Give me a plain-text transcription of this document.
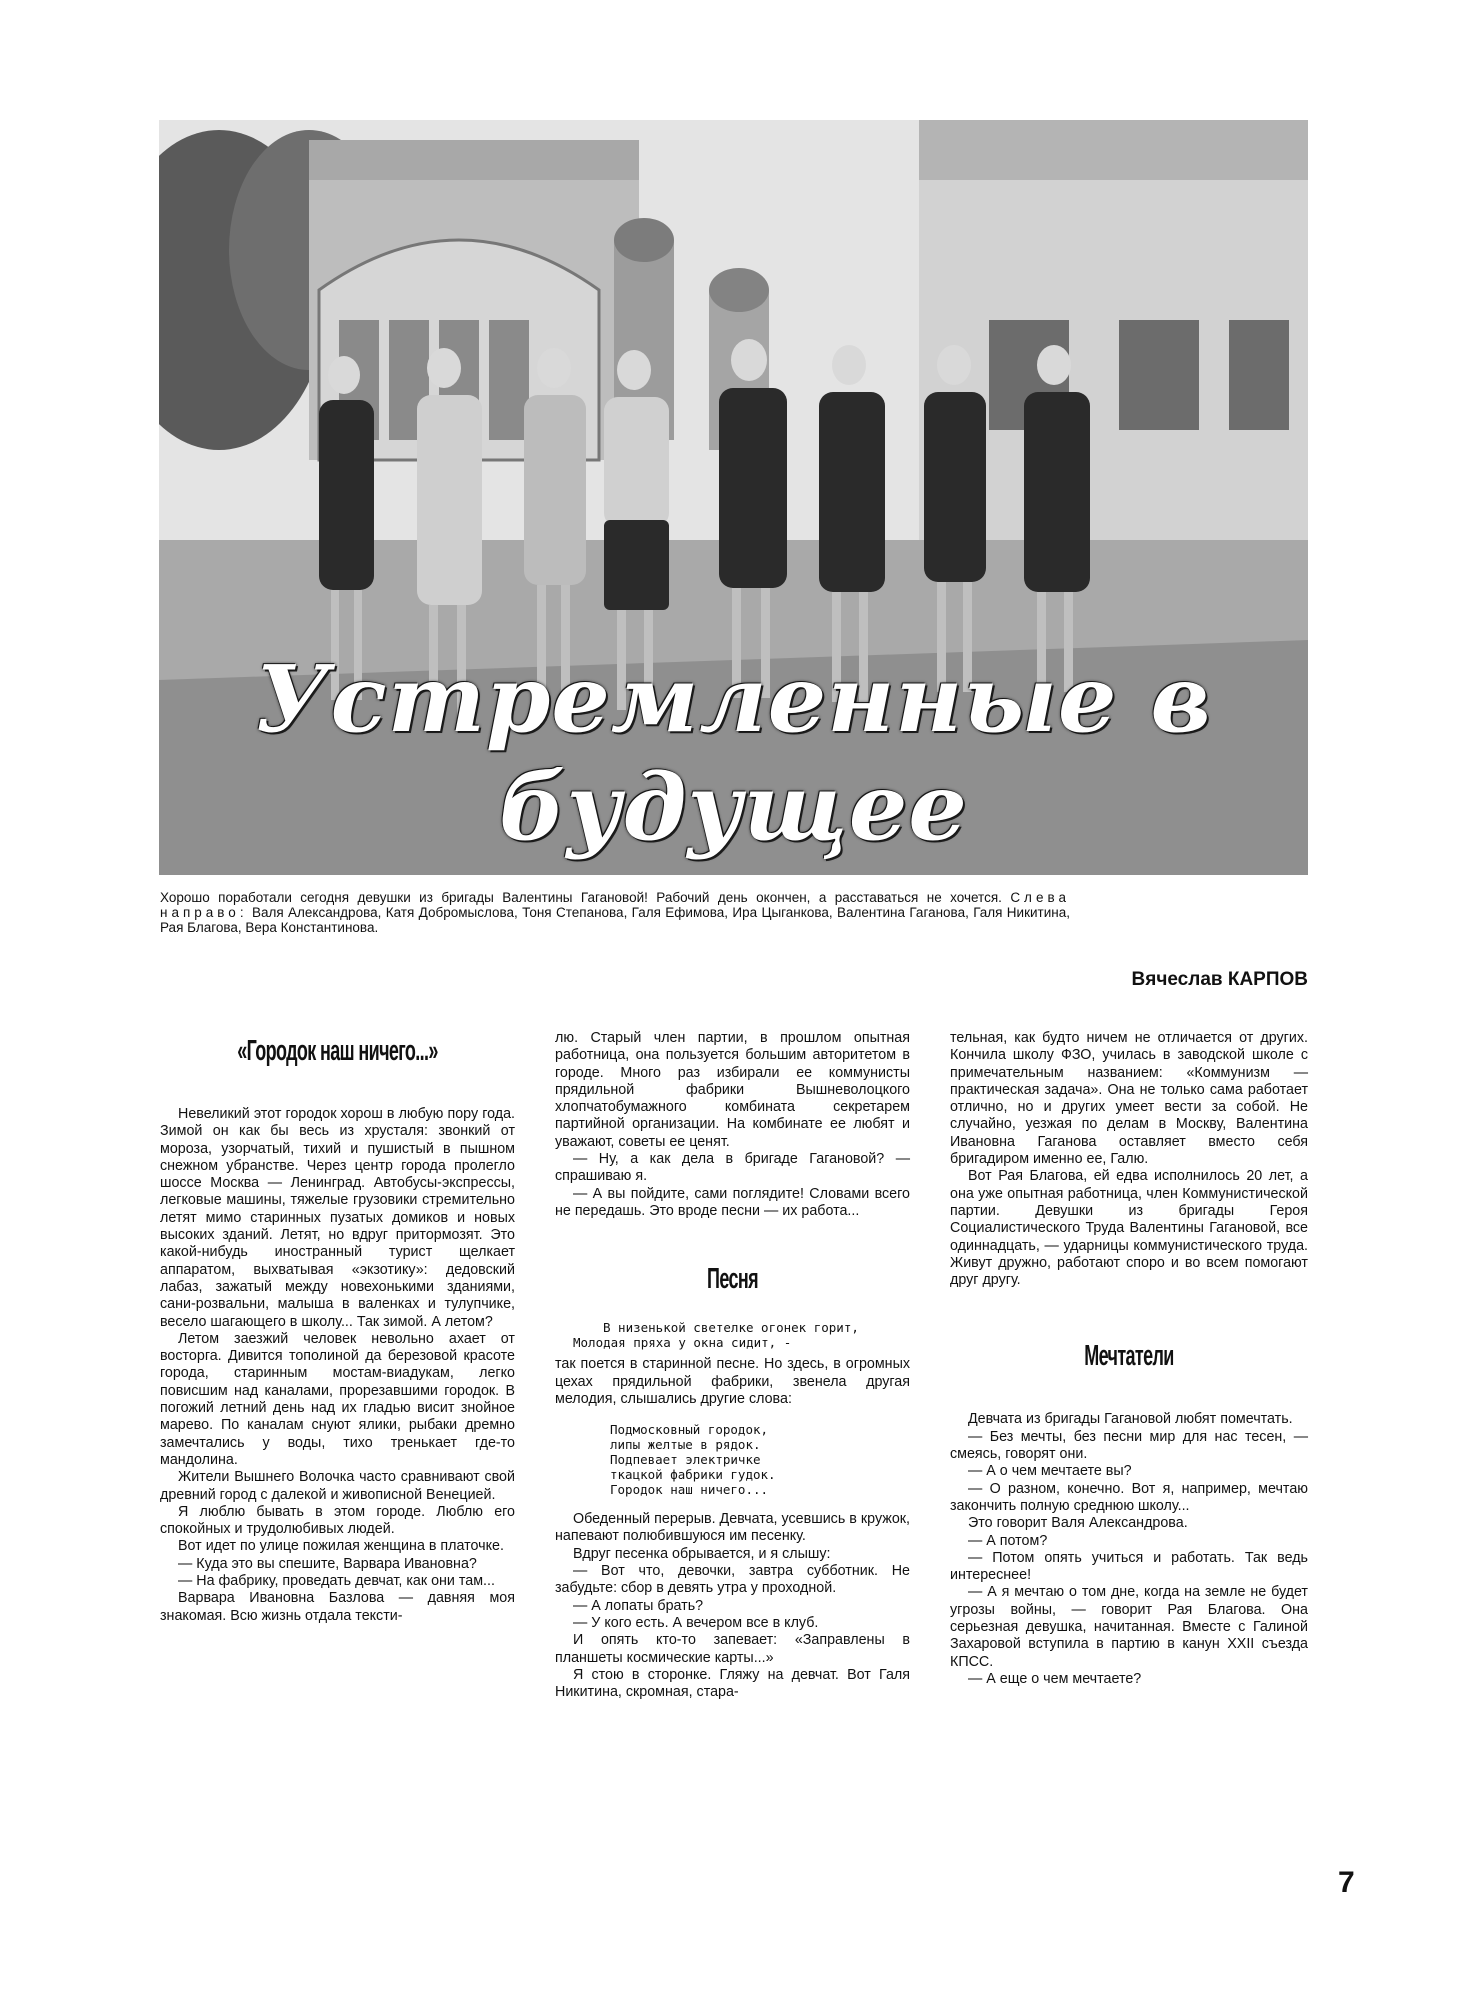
Устремленные в будущее
Хорошо поработали сегодня девушки из бригады Валентины Гагановой! Рабочий день окончен, а расставаться не хочется. Слева направо: Валя Александрова, Катя Добромыслова, Тоня Степанова, Галя Ефимова, Ира Цыганкова, Валентина Гаганова, Галя Никитина, Рая Благова, Вера Константинова.
Вячеслав КАРПОВ
«Городок наш ничего...»

Невеликий этот городок хорош в любую пору года. Зимой он как бы весь из хрусталя: звонкий от мороза, узорчатый, тихий и пушистый в пышном снежном убранстве. Через центр города пролегло шоссе Москва — Ленинград. Автобусы-экспрессы, легковые машины, тяжелые грузовики стремительно летят мимо старинных пузатых домиков и новых высоких зданий. Летят, но вдруг притормозят. Это какой-нибудь иностранный турист щелкает аппаратом, выхватывая «экзотику»: дедовский лабаз, зажатый между новехонькими зданиями, сани-розвальни, малыша в валенках и тулупчике, весело шагающего в школу... Так зимой. А летом?

Летом заезжий человек невольно ахает от восторга. Дивится тополиной да березовой красоте города, старинным мостам-виадукам, легко повисшим над каналами, прорезавшими городок. В погожий летний день над их гладью висит знойное марево. По каналам снуют ялики, рыбаки дремно замечтались у воды, тихо тренькает где-то мандолина.

Жители Вышнего Волочка часто сравнивают свой древний город с далекой и живописной Венецией.

Я люблю бывать в этом городе. Люблю его спокойных и трудолюбивых людей.

Вот идет по улице пожилая женщина в платочке.

— Куда это вы спешите, Варвара Ивановна?

— На фабрику, проведать девчат, как они там...

Варвара Ивановна Базлова — давняя моя знакомая. Всю жизнь отдала тексти-

лю. Старый член партии, в прошлом опытная работница, она пользуется большим авторитетом в городе. Много раз избирали ее коммунисты прядильной фабрики Вышневолоцкого хлопчатобумажного комбината секретарем партийной организации. На комбинате ее любят и уважают, советы ее ценят.

— Ну, а как дела в бригаде Гагановой? — спрашиваю я.

— А вы пойдите, сами поглядите! Словами всего не передашь. Это вроде песни — их работа...

Песня

В низенькой светелке огонек горит,

Молодая пряха у окна сидит, -

так поется в старинной песне. Но здесь, в огромных цехах прядильной фабрики, звенела другая мелодия, слышались другие слова:

Подмосковный городок,
липы желтые в рядок.
Подпевает электричке
ткацкой фабрики гудок.
Городок наш ничего...

Обеденный перерыв. Девчата, усевшись в кружок, напевают полюбившуюся им песенку.

Вдруг песенка обрывается, и я слышу:

— Вот что, девочки, завтра субботник. Не забудьте: сбор в девять утра у проходной.

— А лопаты брать?

— У кого есть. А вечером все в клуб.

И опять кто-то запевает: «Заправлены в планшеты космические карты...»

Я стою в сторонке. Гляжу на девчат. Вот Галя Никитина, скромная, стара-

тельная, как будто ничем не отличается от других. Кончила школу ФЗО, училась в заводской школе с примечательным названием: «Коммунизм — практическая задача». Она не только сама работает отлично, но и других умеет вести за собой. Не случайно, уезжая по делам в Москву, Валентина Ивановна Гаганова оставляет вместо себя бригадиром именно ее, Галю.

Вот Рая Благова, ей едва исполнилось 20 лет, а она уже опытная работница, член Коммунистической партии. Девушки из бригады Героя Социалистического Труда Валентины Гагановой, все одиннадцать, — ударницы коммунистического труда. Живут дружно, работают споро и во всем помогают друг другу.

Мечтатели

Девчата из бригады Гагановой любят помечтать.

— Без мечты, без песни мир для нас тесен, — смеясь, говорят они.

— А о чем мечтаете вы?

— О разном, конечно. Вот я, например, мечтаю закончить полную среднюю школу...

Это говорит Валя Александрова.

— А потом?

— Потом опять учиться и работать. Так ведь интереснее!

— А я мечтаю о том дне, когда на земле не будет угрозы войны, — говорит Рая Благова. Она серьезная девушка, начитанная. Вместе с Галиной Захаровой вступила в партию в канун XXII съезда КПСС.

— А еще о чем мечтаете?

7
